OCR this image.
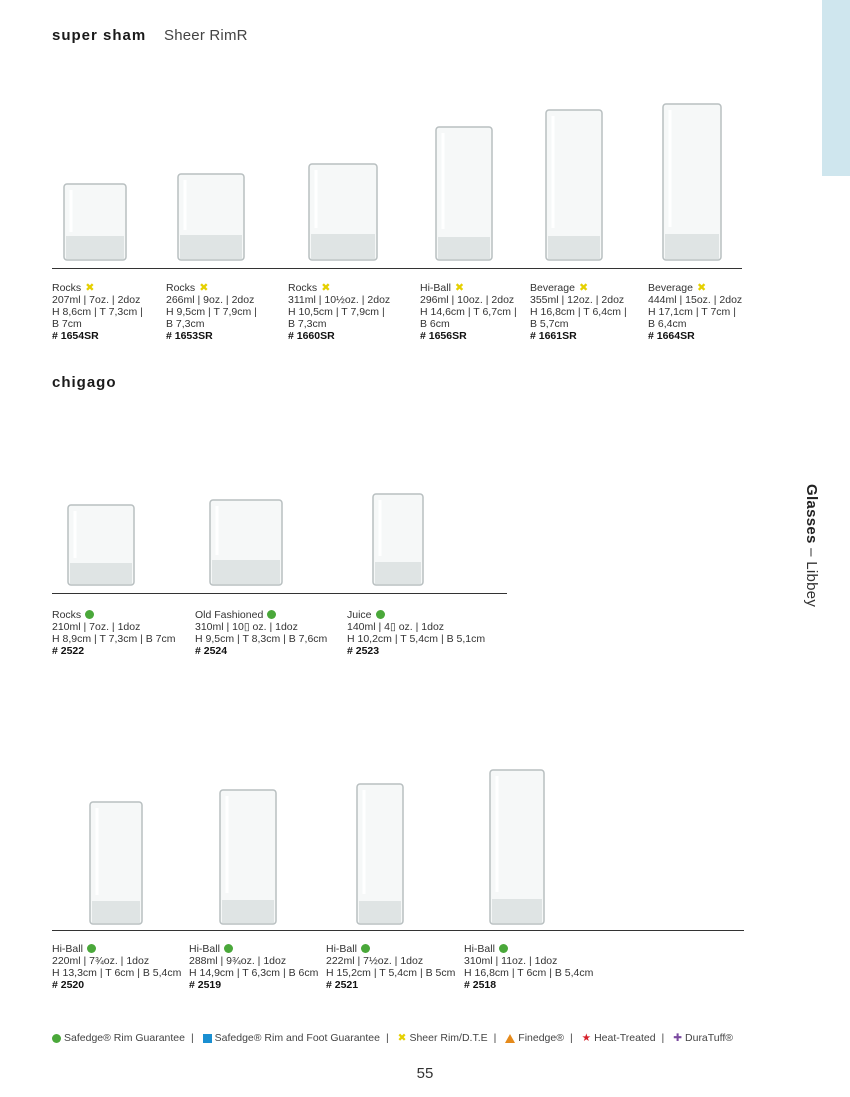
Glasses – Libbey
super sham Sheer RimR
Rocks ✖
207ml | 7oz. | 2doz
H 8,6cm | T 7,3cm |
B 7cm
# 1654SR
Rocks ✖
266ml | 9oz. | 2doz
H 9,5cm | T 7,9cm |
B 7,3cm
# 1653SR
Rocks ✖
311ml | 10½oz. | 2doz
H 10,5cm | T 7,9cm |
B 7,3cm
# 1660SR
Hi-Ball ✖
296ml | 10oz. | 2doz
H 14,6cm | T 6,7cm |
B 6cm
# 1656SR
Beverage ✖
355ml | 12oz. | 2doz
H 16,8cm | T 6,4cm |
B 5,7cm
# 1661SR
Beverage ✖
444ml | 15oz. | 2doz
H 17,1cm | T 7cm |
B 6,4cm
# 1664SR
chigago
Rocks
210ml | 7oz. | 1doz
H 8,9cm | T 7,3cm | B 7cm
# 2522
Old Fashioned
310ml | 10▯ oz. | 1doz
H 9,5cm | T 8,3cm | B 7,6cm
# 2524
Juice
140ml | 4▯ oz. | 1doz
H 10,2cm | T 5,4cm | B 5,1cm
# 2523
Hi-Ball
220ml | 7¾oz. | 1doz
H 13,3cm | T 6cm | B 5,4cm
# 2520
Hi-Ball
288ml | 9¾oz. | 1doz
H 14,9cm | T 6,3cm | B 6cm
# 2519
Hi-Ball
222ml | 7½oz. | 1doz
H 15,2cm | T 5,4cm | B 5cm
# 2521
Hi-Ball
310ml | 11oz. | 1doz
H 16,8cm | T 6cm | B 5,4cm
# 2518
Safedge® Rim Guarantee | Safedge® Rim and Foot Guarantee | ✖ Sheer Rim/D.T.E | Finedge® | ★ Heat-Treated | ✚ DuraTuff®
55
